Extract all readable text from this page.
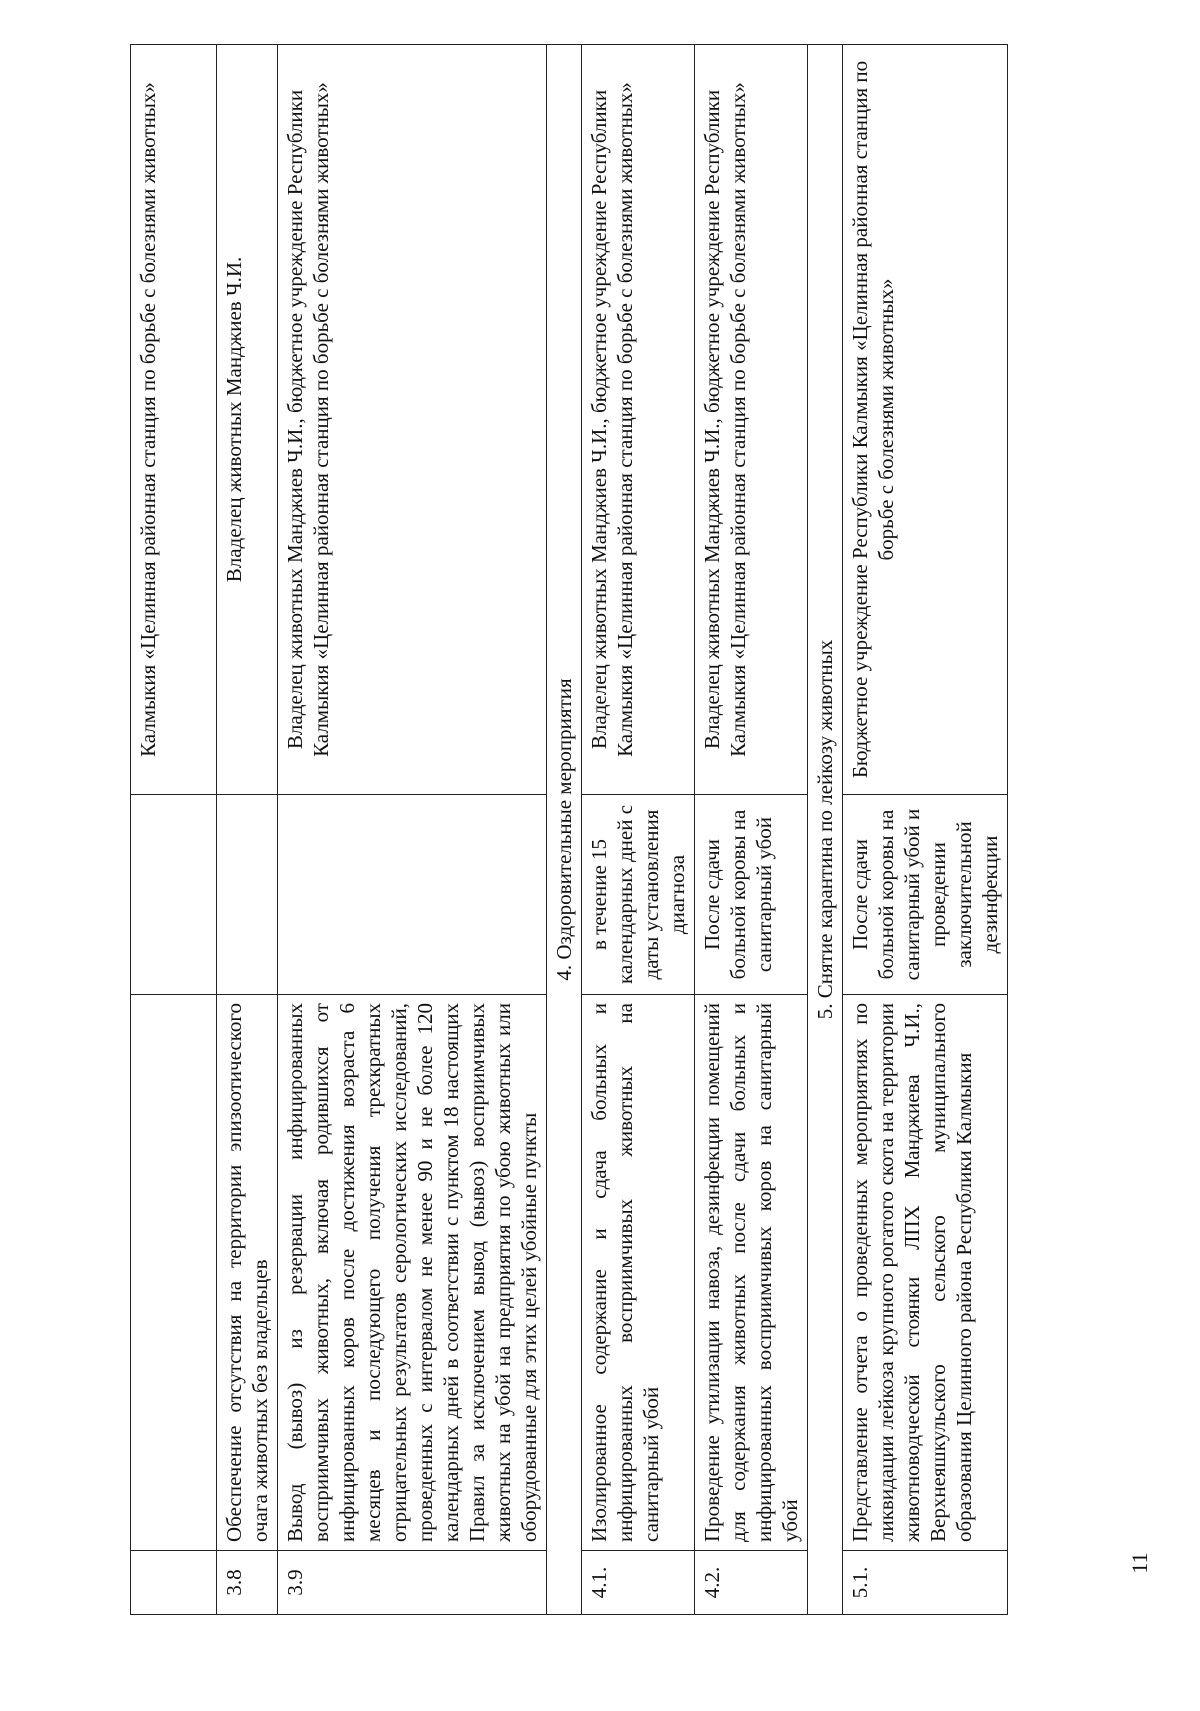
			Калмыкия «Целинная районная станция по борьбе с болезнями животных»
3.8	Обеспечение отсутствия на территории эпизоотического очага животных без владельцев		Владелец животных Манджиев Ч.И.
3.9	Вывод (вывоз) из резервации инфицированных восприимчивых животных, включая родившихся от инфицированных коров после достижения возраста 6 месяцев и последующего получения трехкратных отрицательных результатов серологических исследований, проведенных с интервалом не менее 90 и не более 120 календарных дней в соответствии с пунктом 18 настоящих Правил за исключением вывод (вывоз) восприимчивых животных на убой на предприятия по убою животных или оборудованные для этих целей убойные пункты		Владелец животных Манджиев Ч.И., бюджетное учреждение Республики Калмыкия «Целинная районная станция по борьбе с болезнями животных»
4. Оздоровительные мероприятия			
4.1.	Изолированное содержание и сдача больных и инфицированных восприимчивых животных на санитарный убой	в течение 15 календарных дней с даты установления диагноза	Владелец животных Манджиев Ч.И., бюджетное учреждение Республики Калмыкия «Целинная районная станция по борьбе с болезнями животных»
4.2.	Проведение утилизации навоза, дезинфекции помещений для содержания животных после сдачи больных и инфицированных восприимчивых коров на санитарный убой	После сдачи больной коровы на санитарный убой	Владелец животных Манджиев Ч.И., бюджетное учреждение Республики Калмыкия «Целинная районная станция по борьбе с болезнями животных»
5. Снятие карантина по лейкозу животных			
5.1.	Представление отчета о проведенных мероприятиях по ликвидации лейкоза крупного рогатого скота на территории животноводческой стоянки ЛПХ Манджиева Ч.И., Верхнеяшкульского сельского муниципального образования Целинного района Республики Калмыкия	После сдачи больной коровы на санитарный убой и проведении заключительной дезинфекции	Бюджетное учреждение Республики Калмыкия «Целинная районная станция по борьбе с болезнями животных»
11
